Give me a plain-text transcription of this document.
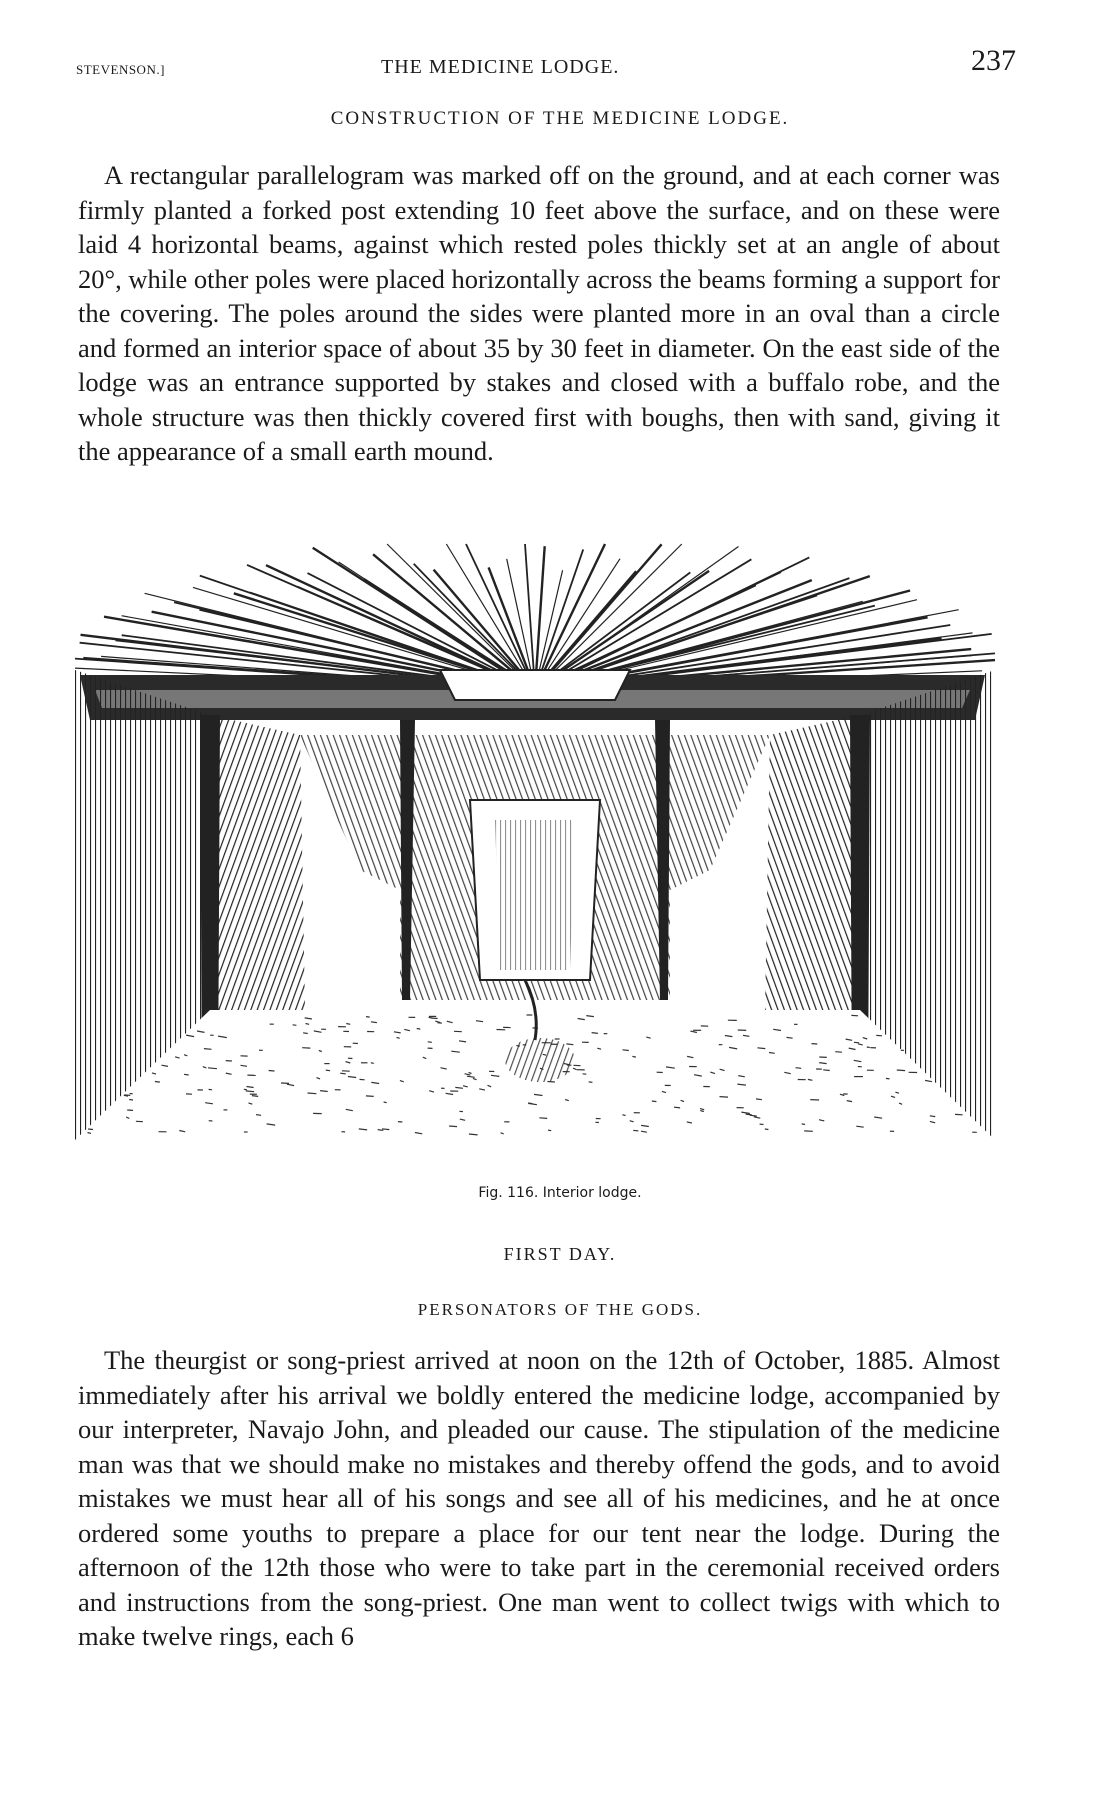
STEVENSON.]	THE MEDICINE LODGE.	237
CONSTRUCTION OF THE MEDICINE LODGE.

A rectangular parallelogram was marked off on the ground, and at each corner was firmly planted a forked post extending 10 feet above the surface, and on these were laid 4 horizontal beams, against which rested poles thickly set at an angle of about 20°, while other poles were placed horizontally across the beams forming a support for the covering. The poles around the sides were planted more in an oval than a circle and formed an interior space of about 35 by 30 feet in diameter. On the east side of the lodge was an entrance supported by stakes and closed with a buffalo robe, and the whole structure was then thickly covered first with boughs, then with sand, giving it the appearance of a small earth mound.

Fig. 116. Interior lodge.
FIRST DAY.
PERSONATORS OF THE GODS.

The theurgist or song-priest arrived at noon on the 12th of October, 1885. Almost immediately after his arrival we boldly entered the medicine lodge, accompanied by our interpreter, Navajo John, and pleaded our cause. The stipulation of the medicine man was that we should make no mistakes and thereby offend the gods, and to avoid mistakes we must hear all of his songs and see all of his medicines, and he at once ordered some youths to prepare a place for our tent near the lodge. During the afternoon of the 12th those who were to take part in the ceremonial received orders and instructions from the song-priest. One man went to collect twigs with which to make twelve rings, each 6
